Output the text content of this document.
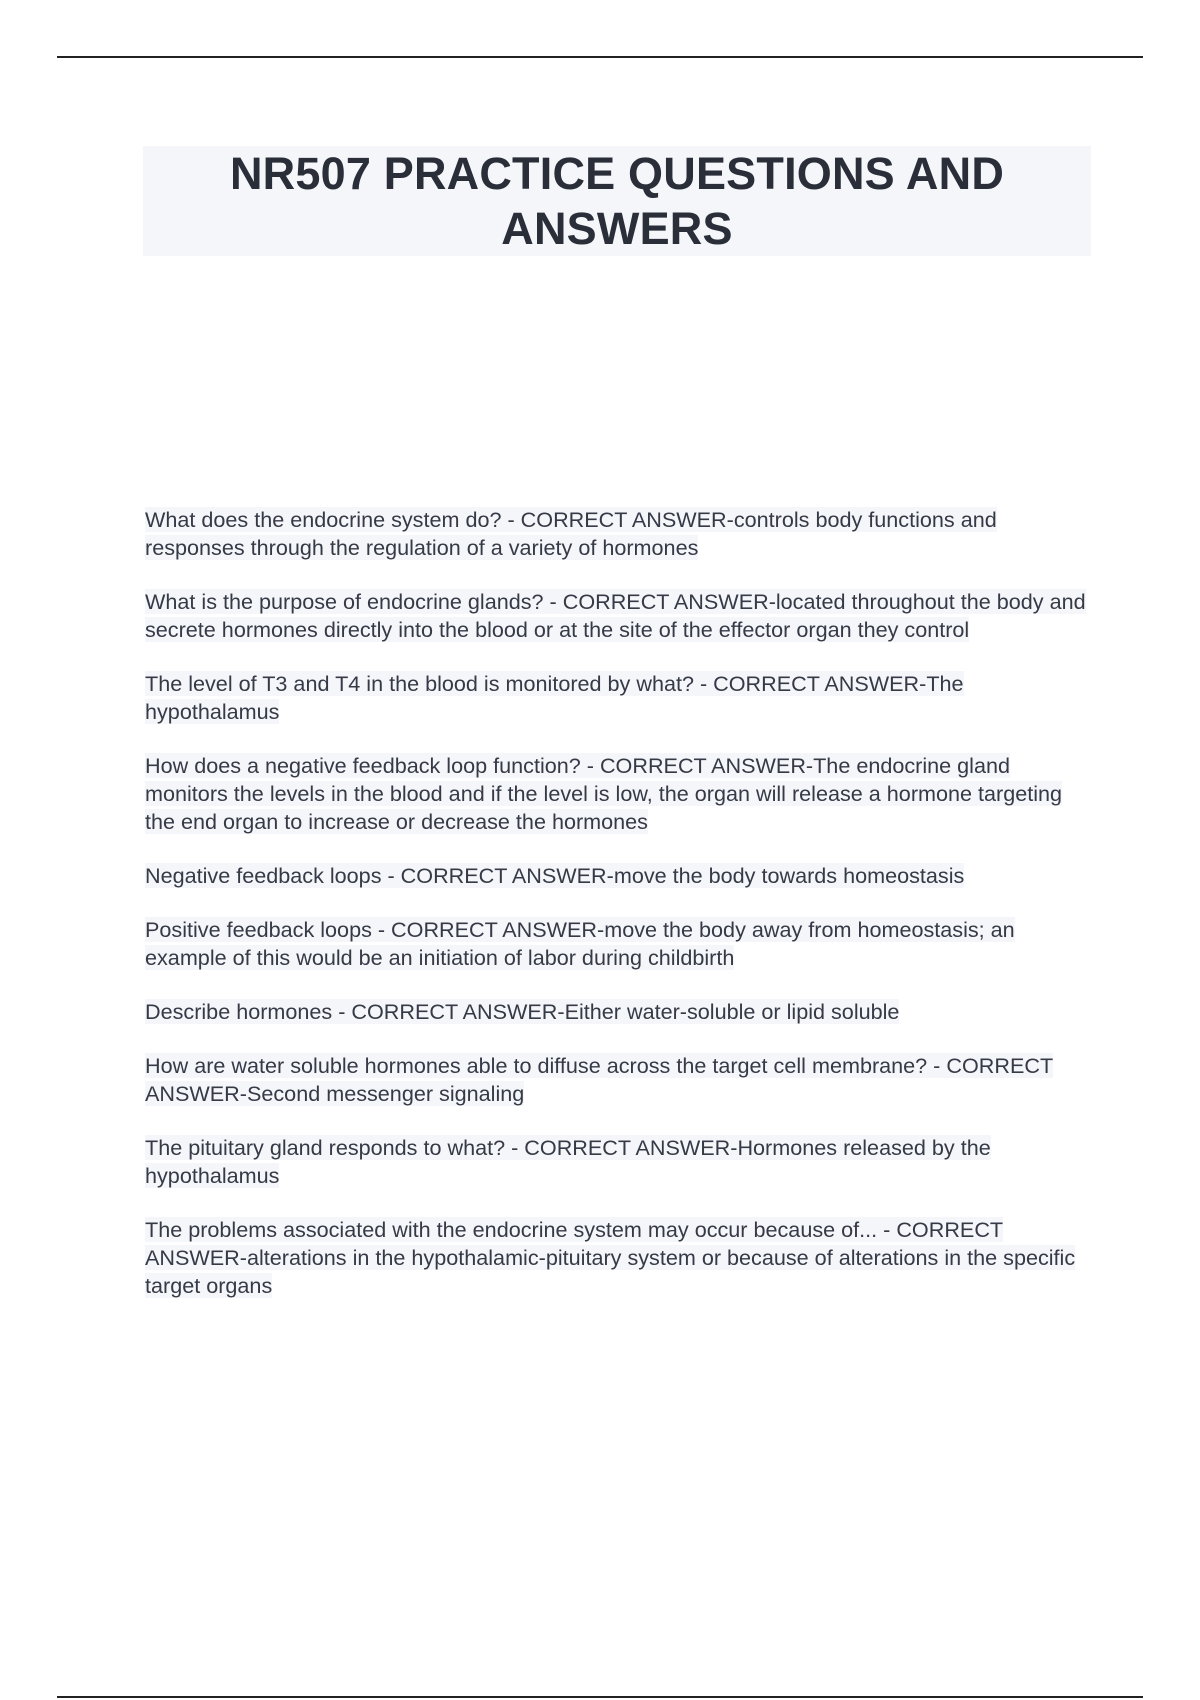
NR507 PRACTICE QUESTIONS AND ANSWERS
What does the endocrine system do? - CORRECT ANSWER-controls body functions and responses through the regulation of a variety of hormones
What is the purpose of endocrine glands? - CORRECT ANSWER-located throughout the body and secrete hormones directly into the blood or at the site of the effector organ they control
The level of T3 and T4 in the blood is monitored by what? - CORRECT ANSWER-The hypothalamus
How does a negative feedback loop function? - CORRECT ANSWER-The endocrine gland monitors the levels in the blood and if the level is low, the organ will release a hormone targeting the end organ to increase or decrease the hormones
Negative feedback loops - CORRECT ANSWER-move the body towards homeostasis
Positive feedback loops - CORRECT ANSWER-move the body away from homeostasis; an example of this would be an initiation of labor during childbirth
Describe hormones - CORRECT ANSWER-Either water-soluble or lipid soluble
How are water soluble hormones able to diffuse across the target cell membrane? - CORRECT ANSWER-Second messenger signaling
The pituitary gland responds to what? - CORRECT ANSWER-Hormones released by the hypothalamus
The problems associated with the endocrine system may occur because of... - CORRECT ANSWER-alterations in the hypothalamic-pituitary system or because of alterations in the specific target organs
